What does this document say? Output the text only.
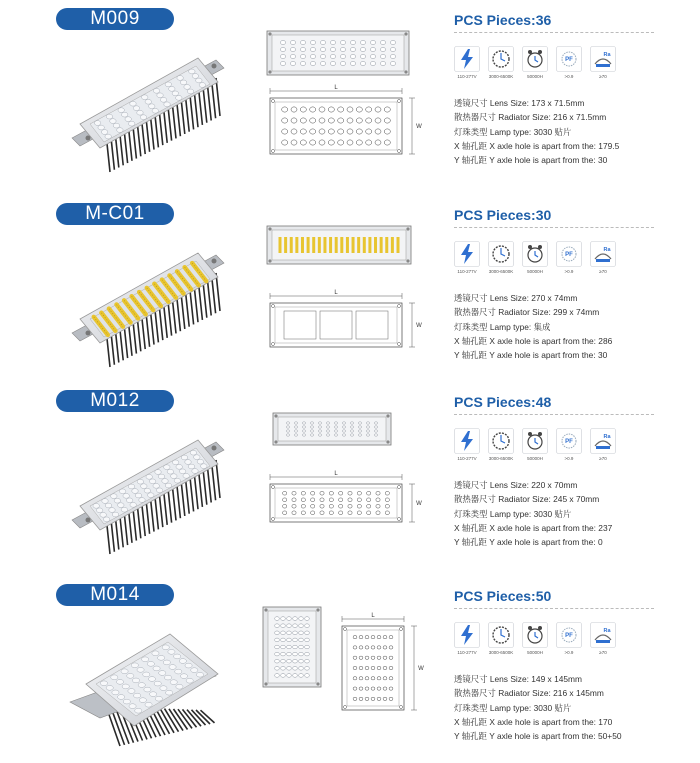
M009
L
W
PCS Pieces:36
110-277V	3000-6500K	50000H
PF
>0.9
Ra
≥70
透镜尺寸 Lens Size: 173 x 71.5mm
散热器尺寸 Radiator Size: 216 x 71.5mm
灯珠类型 Lamp type: 3030 贴片
X 轴孔距 X axle hole is apart from the: 179.5
Y 轴孔距 Y axle hole is apart from the: 30
M-C01
L
W
PCS Pieces:30
110-277V	3000-6500K	50000H
PF
>0.9
Ra
≥70
透镜尺寸 Lens Size: 270 x 74mm
散热器尺寸 Radiator Size: 299 x 74mm
灯珠类型 Lamp type: 集成
X 轴孔距 X axle hole is apart from the: 286
Y 轴孔距 Y axle hole is apart from the: 30
M012
L
W
PCS Pieces:48
110-277V	3000-6500K	50000H
PF
>0.9
Ra
≥70
透镜尺寸 Lens Size: 220 x 70mm
散热器尺寸 Radiator Size: 245 x 70mm
灯珠类型 Lamp type: 3030 贴片
X 轴孔距 X axle hole is apart from the: 237
Y 轴孔距 Y axle hole is apart from the: 0
M014
L
W
PCS Pieces:50
110-277V	3000-6500K	50000H
PF
>0.9
Ra
≥70
透镜尺寸 Lens Size: 149 x 145mm
散热器尺寸 Radiator Size: 216 x 145mm
灯珠类型 Lamp type: 3030 贴片
X 轴孔距 X axle hole is apart from the: 170
Y 轴孔距 Y axle hole is apart from the: 50+50
